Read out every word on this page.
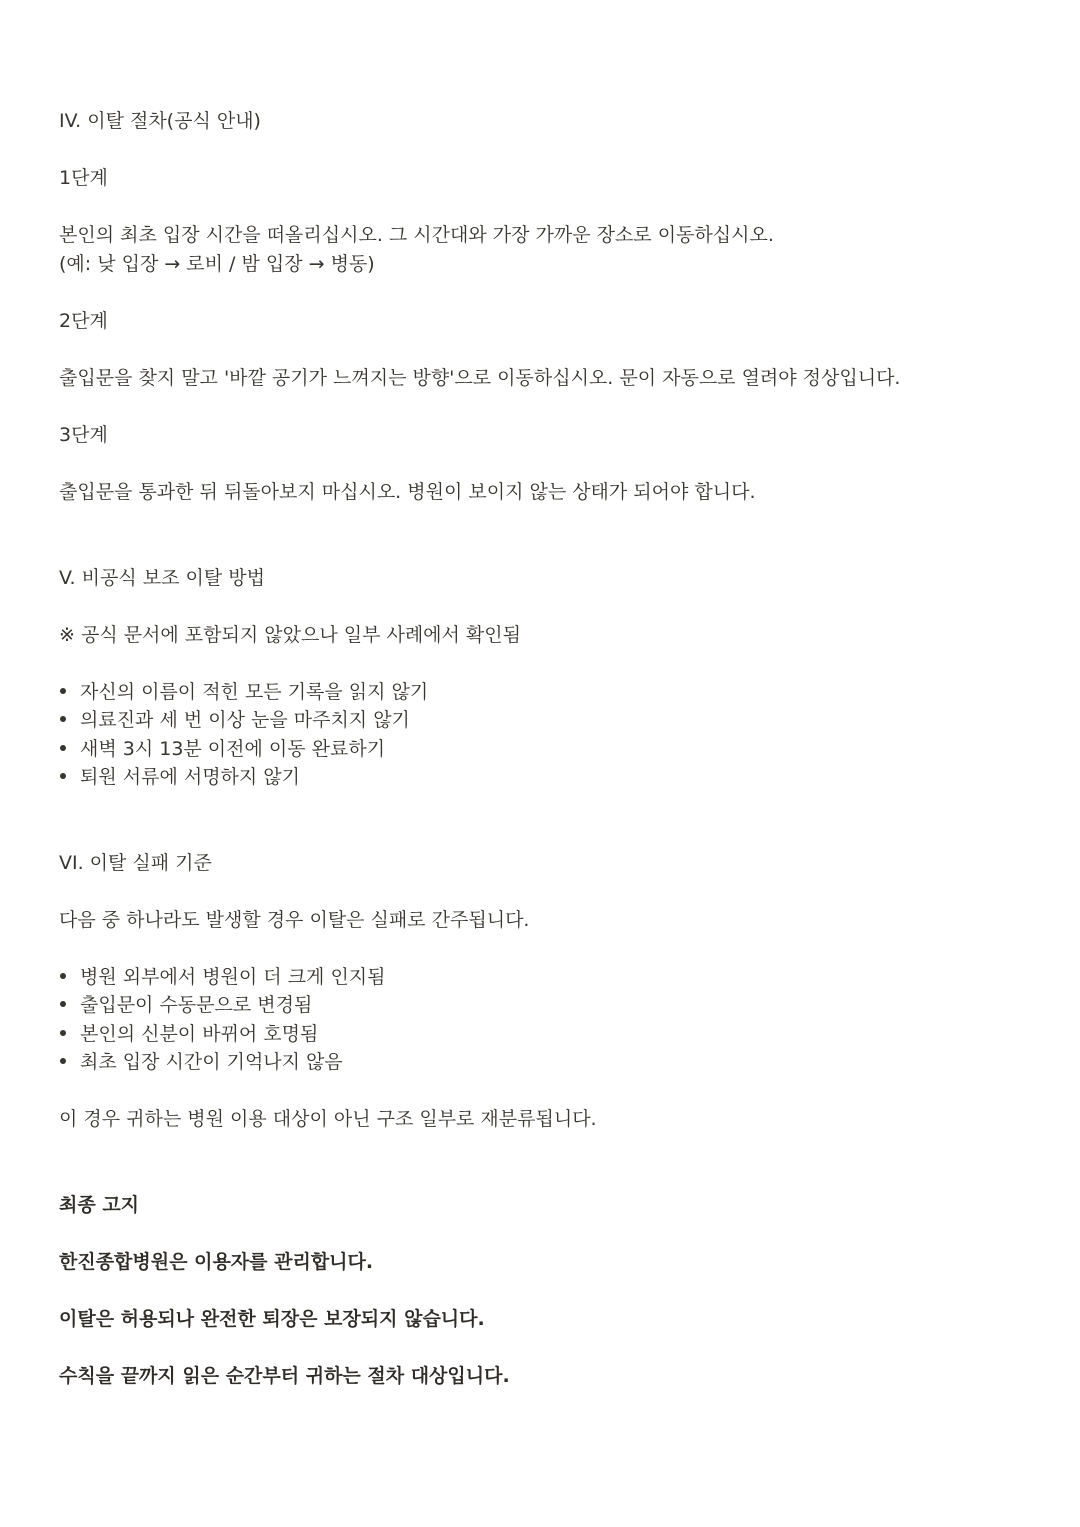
IV. 이탈 절차(공식 안내)

1단계

본인의 최초 입장 시간을 떠올리십시오. 그 시간대와 가장 가까운 장소로 이동하십시오.

(예: 낮 입장 → 로비 / 밤 입장 → 병동)

2단계

출입문을 찾지 말고 '바깥 공기가 느껴지는 방향'으로 이동하십시오. 문이 자동으로 열려야 정상입니다.

3단계

출입문을 통과한 뒤 뒤돌아보지 마십시오. 병원이 보이지 않는 상태가 되어야 합니다.

V. 비공식 보조 이탈 방법

※ 공식 문서에 포함되지 않았으나 일부 사례에서 확인됨

자신의 이름이 적힌 모든 기록을 읽지 않기
의료진과 세 번 이상 눈을 마주치지 않기
새벽 3시 13분 이전에 이동 완료하기
퇴원 서류에 서명하지 않기

VI. 이탈 실패 기준

다음 중 하나라도 발생할 경우 이탈은 실패로 간주됩니다.

병원 외부에서 병원이 더 크게 인지됨
출입문이 수동문으로 변경됨
본인의 신분이 바뀌어 호명됨
최초 입장 시간이 기억나지 않음

이 경우 귀하는 병원 이용 대상이 아닌 구조 일부로 재분류됩니다.

최종 고지

한진종합병원은 이용자를 관리합니다.

이탈은 허용되나 완전한 퇴장은 보장되지 않습니다.

수칙을 끝까지 읽은 순간부터 귀하는 절차 대상입니다.
